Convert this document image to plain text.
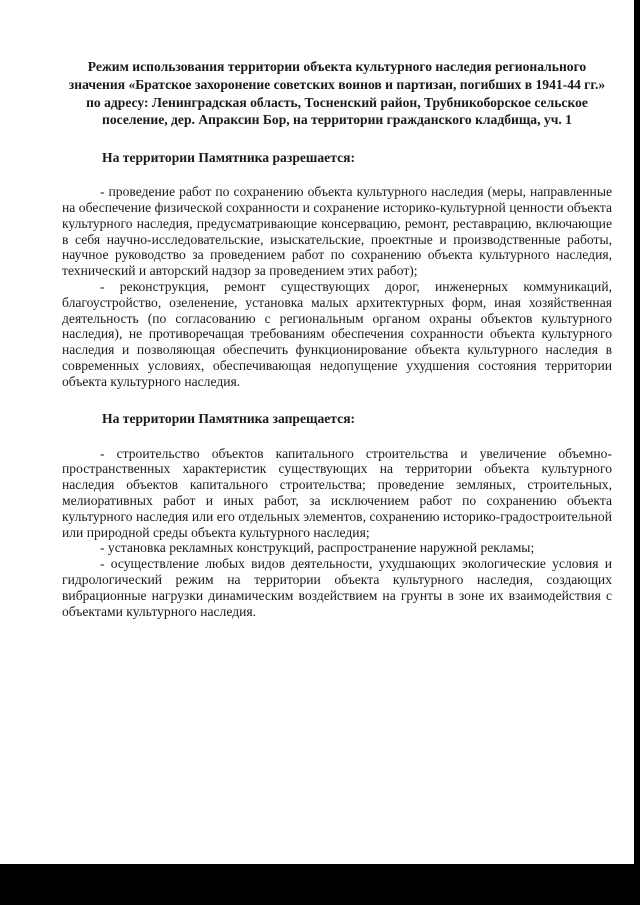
Режим использования территории объекта культурного наследия регионального значения «Братское захоронение советских воинов и партизан, погибших в 1941-44 гг.» по адресу: Ленинградская область, Тосненский район, Трубникоборское сельское поселение, дер. Апраксин Бор, на территории гражданского кладбища, уч. 1

На территории Памятника разрешается:

- проведение работ по сохранению объекта культурного наследия (меры, направленные на обеспечение физической сохранности и сохранение историко-культурной ценности объекта культурного наследия, предусматривающие консервацию, ремонт, реставрацию, включающие в себя научно-исследовательские, изыскательские, проектные и производственные работы, научное руководство за проведением работ по сохранению объекта культурного наследия, технический и авторский надзор за проведением этих работ);

- реконструкция, ремонт существующих дорог, инженерных коммуникаций, благоустройство, озеленение, установка малых архитектурных форм, иная хозяйственная деятельность (по согласованию с региональным органом охраны объектов культурного наследия), не противоречащая требованиям обеспечения сохранности объекта культурного наследия и позволяющая обеспечить функционирование объекта культурного наследия в современных условиях, обеспечивающая недопущение ухудшения состояния территории объекта культурного наследия.

На территории Памятника запрещается:

- строительство объектов капитального строительства и увеличение объемно-пространственных характеристик существующих на территории объекта культурного наследия объектов капитального строительства; проведение земляных, строительных, мелиоративных работ и иных работ, за исключением работ по сохранению объекта культурного наследия или его отдельных элементов, сохранению историко-градостроительной или природной среды объекта культурного наследия;

- установка рекламных конструкций, распространение наружной рекламы;

- осуществление любых видов деятельности, ухудшающих экологические условия и гидрологический режим на территории объекта культурного наследия, создающих вибрационные нагрузки динамическим воздействием на грунты в зоне их взаимодействия с объектами культурного наследия.
